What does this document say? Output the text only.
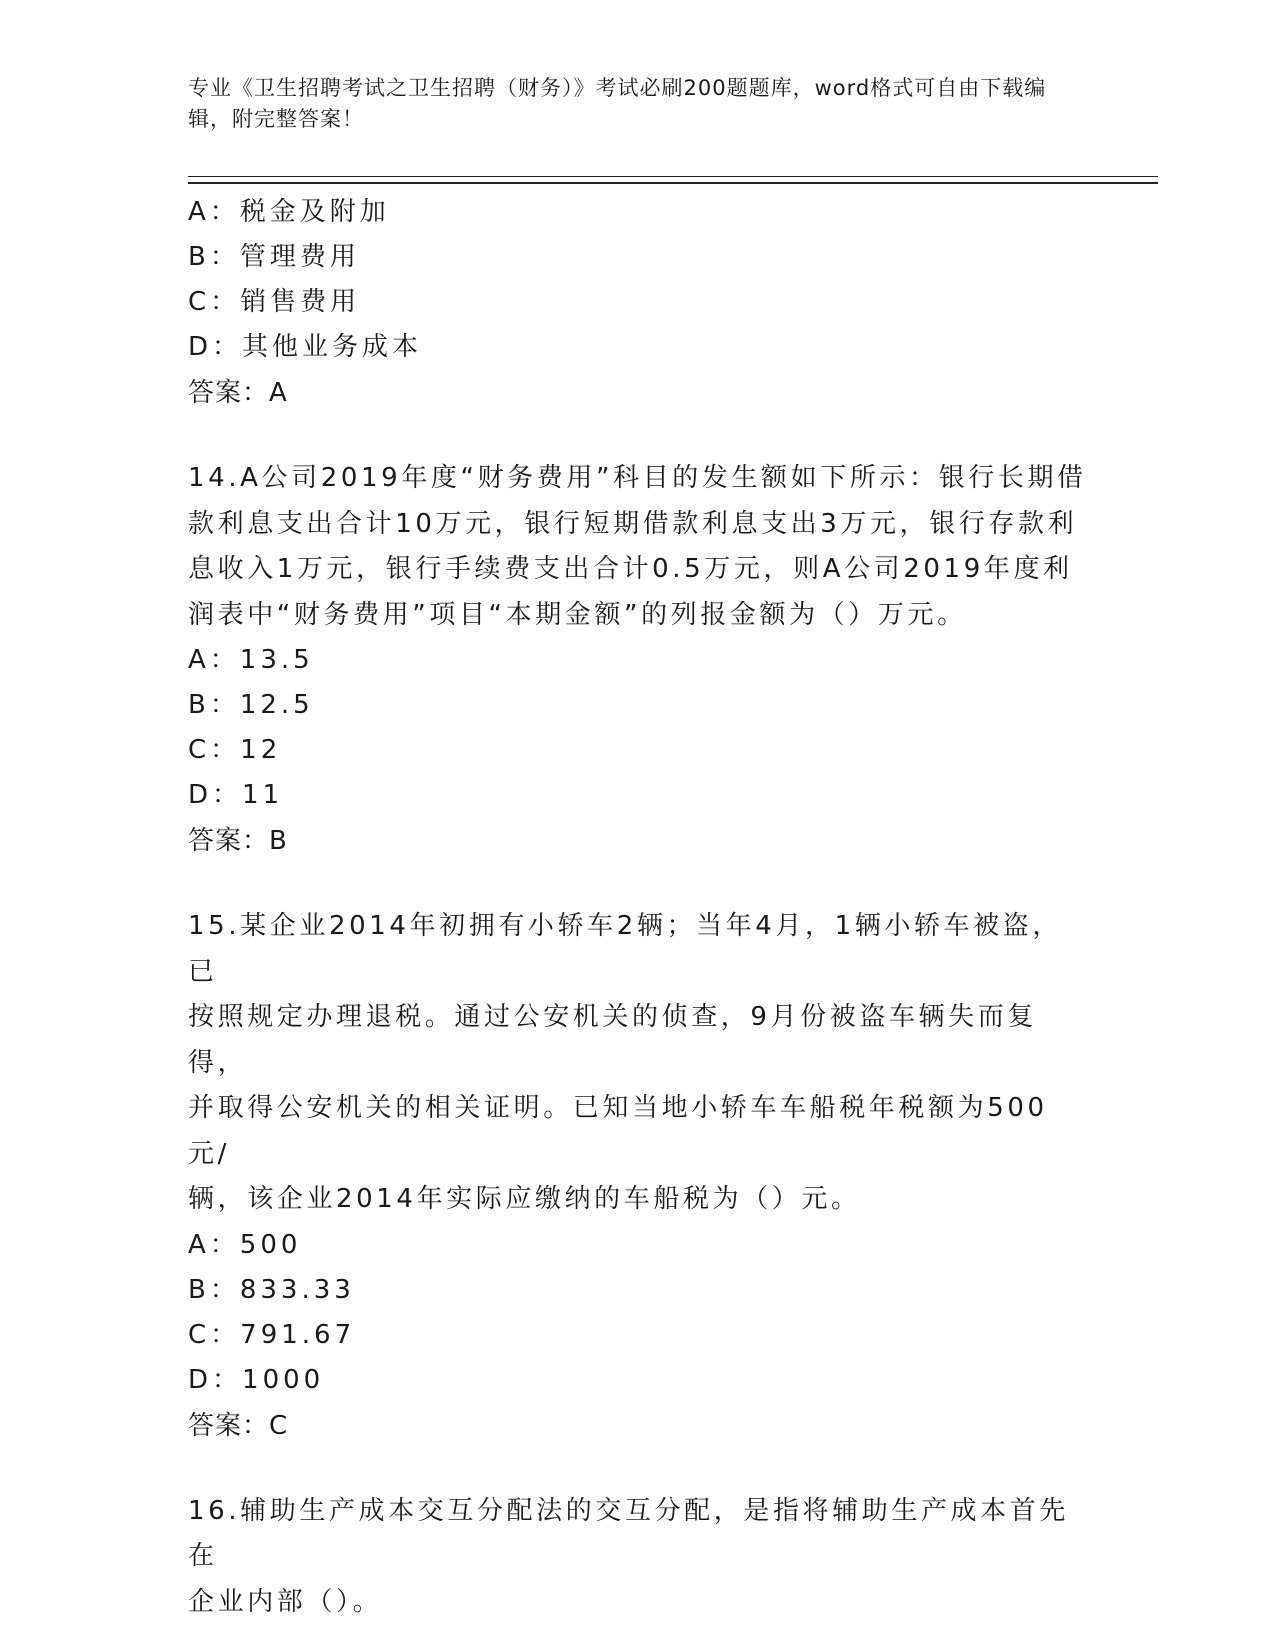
专业《卫生招聘考试之卫生招聘（财务）》考试必刷200题题库，word格式可自由下载编辑，附完整答案！

A：税金及附加

B：管理费用

C：销售费用

D：其他业务成本

答案：A

14.A公司2019年度“财务费用”科目的发生额如下所示：银行长期借

款利息支出合计10万元，银行短期借款利息支出3万元，银行存款利

息收入1万元，银行手续费支出合计0.5万元，则A公司2019年度利

润表中“财务费用”项目“本期金额”的列报金额为（）万元。

A：13.5

B：12.5

C：12

D：11

答案：B

15.某企业2014年初拥有小轿车2辆；当年4月，1辆小轿车被盗，已

按照规定办理退税。通过公安机关的侦查，9月份被盗车辆失而复得，

并取得公安机关的相关证明。已知当地小轿车车船税年税额为500元/

辆，该企业2014年实际应缴纳的车船税为（）元。

A：500

B：833.33

C：791.67

D：1000

答案：C

16.辅助生产成本交互分配法的交互分配，是指将辅助生产成本首先在

企业内部（）。
